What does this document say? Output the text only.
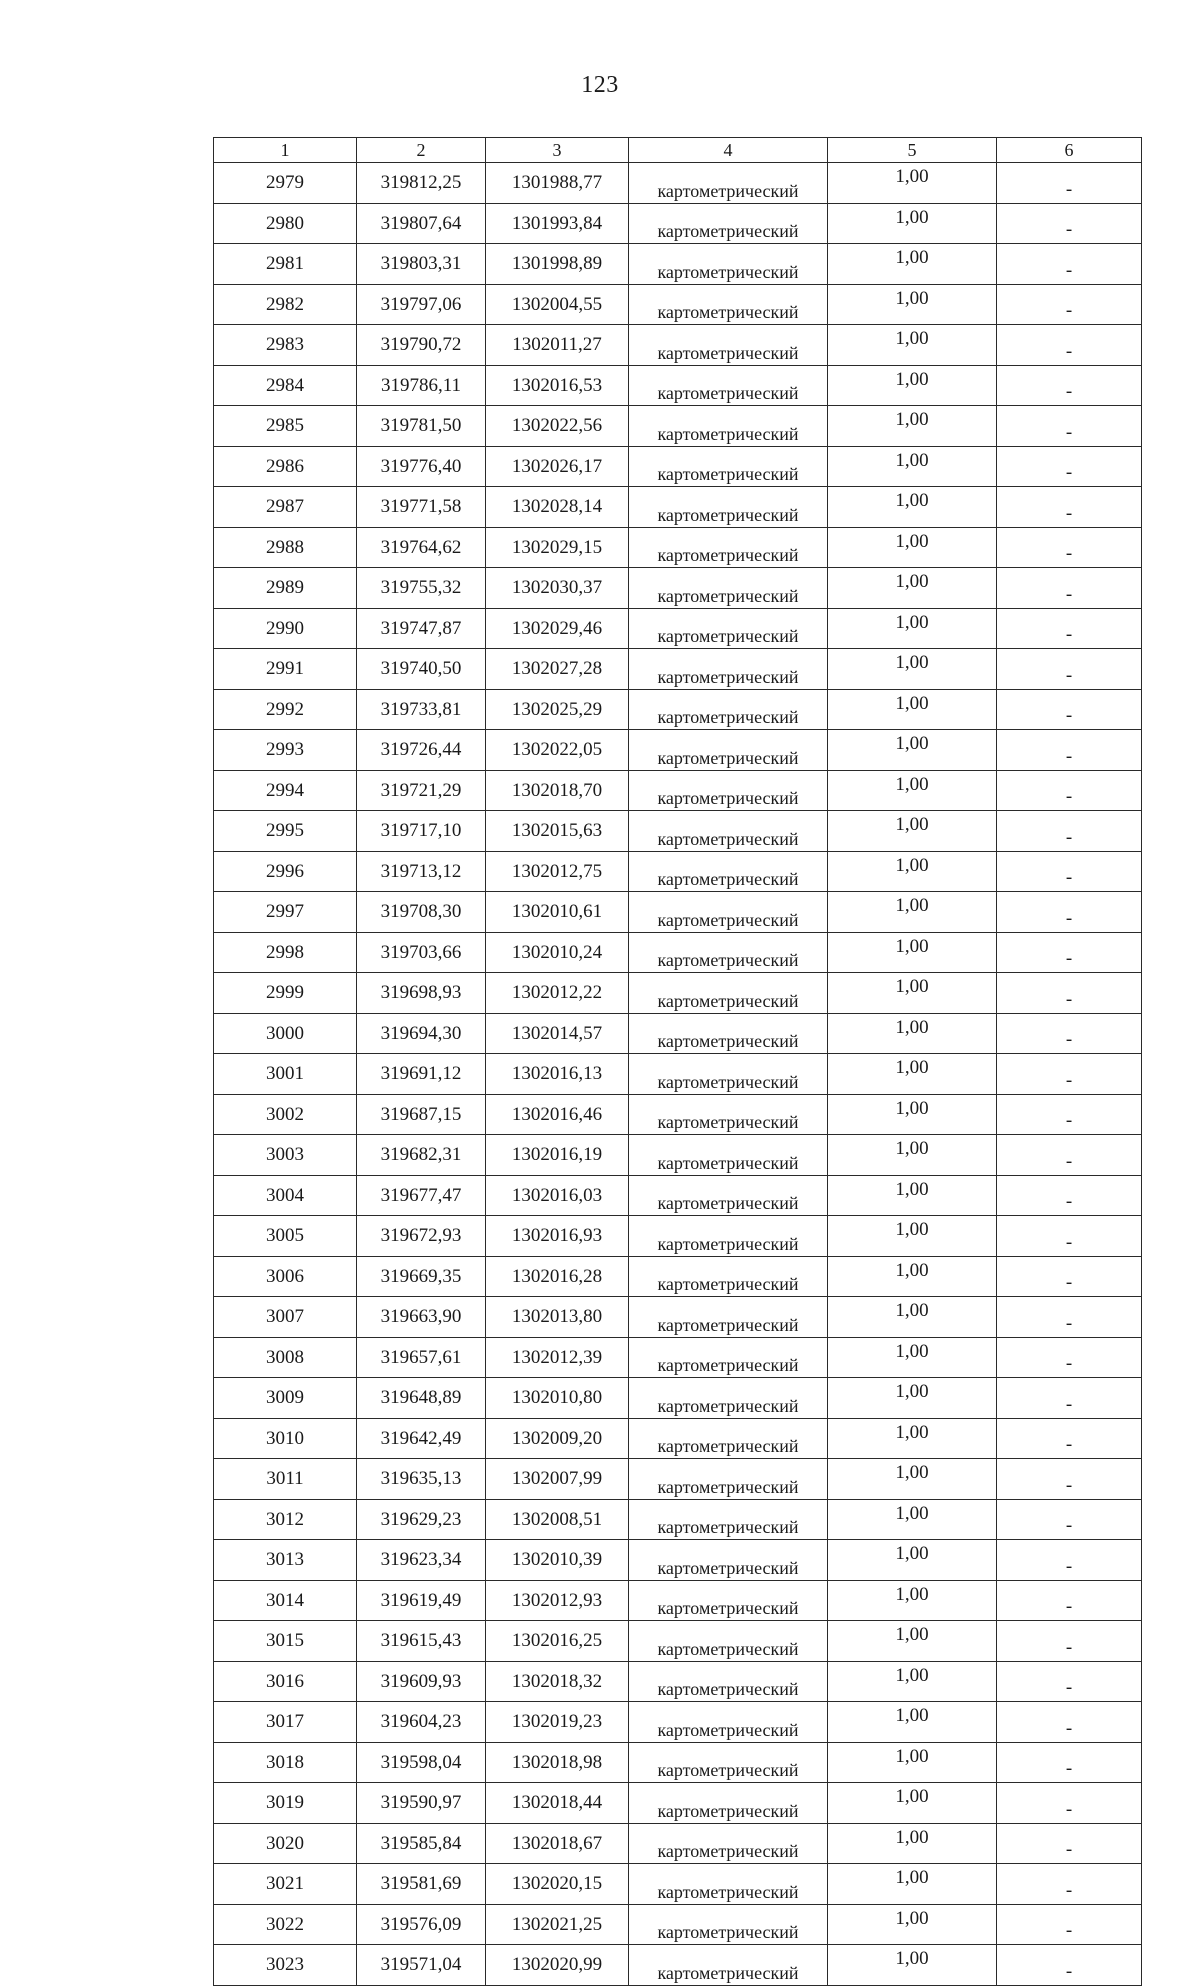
123
1	2	3	4	5	6
2979	319812,25	1301988,77	картометрический	1,00	-
2980	319807,64	1301993,84	картометрический	1,00	-
2981	319803,31	1301998,89	картометрический	1,00	-
2982	319797,06	1302004,55	картометрический	1,00	-
2983	319790,72	1302011,27	картометрический	1,00	-
2984	319786,11	1302016,53	картометрический	1,00	-
2985	319781,50	1302022,56	картометрический	1,00	-
2986	319776,40	1302026,17	картометрический	1,00	-
2987	319771,58	1302028,14	картометрический	1,00	-
2988	319764,62	1302029,15	картометрический	1,00	-
2989	319755,32	1302030,37	картометрический	1,00	-
2990	319747,87	1302029,46	картометрический	1,00	-
2991	319740,50	1302027,28	картометрический	1,00	-
2992	319733,81	1302025,29	картометрический	1,00	-
2993	319726,44	1302022,05	картометрический	1,00	-
2994	319721,29	1302018,70	картометрический	1,00	-
2995	319717,10	1302015,63	картометрический	1,00	-
2996	319713,12	1302012,75	картометрический	1,00	-
2997	319708,30	1302010,61	картометрический	1,00	-
2998	319703,66	1302010,24	картометрический	1,00	-
2999	319698,93	1302012,22	картометрический	1,00	-
3000	319694,30	1302014,57	картометрический	1,00	-
3001	319691,12	1302016,13	картометрический	1,00	-
3002	319687,15	1302016,46	картометрический	1,00	-
3003	319682,31	1302016,19	картометрический	1,00	-
3004	319677,47	1302016,03	картометрический	1,00	-
3005	319672,93	1302016,93	картометрический	1,00	-
3006	319669,35	1302016,28	картометрический	1,00	-
3007	319663,90	1302013,80	картометрический	1,00	-
3008	319657,61	1302012,39	картометрический	1,00	-
3009	319648,89	1302010,80	картометрический	1,00	-
3010	319642,49	1302009,20	картометрический	1,00	-
3011	319635,13	1302007,99	картометрический	1,00	-
3012	319629,23	1302008,51	картометрический	1,00	-
3013	319623,34	1302010,39	картометрический	1,00	-
3014	319619,49	1302012,93	картометрический	1,00	-
3015	319615,43	1302016,25	картометрический	1,00	-
3016	319609,93	1302018,32	картометрический	1,00	-
3017	319604,23	1302019,23	картометрический	1,00	-
3018	319598,04	1302018,98	картометрический	1,00	-
3019	319590,97	1302018,44	картометрический	1,00	-
3020	319585,84	1302018,67	картометрический	1,00	-
3021	319581,69	1302020,15	картометрический	1,00	-
3022	319576,09	1302021,25	картометрический	1,00	-
3023	319571,04	1302020,99	картометрический	1,00	-
